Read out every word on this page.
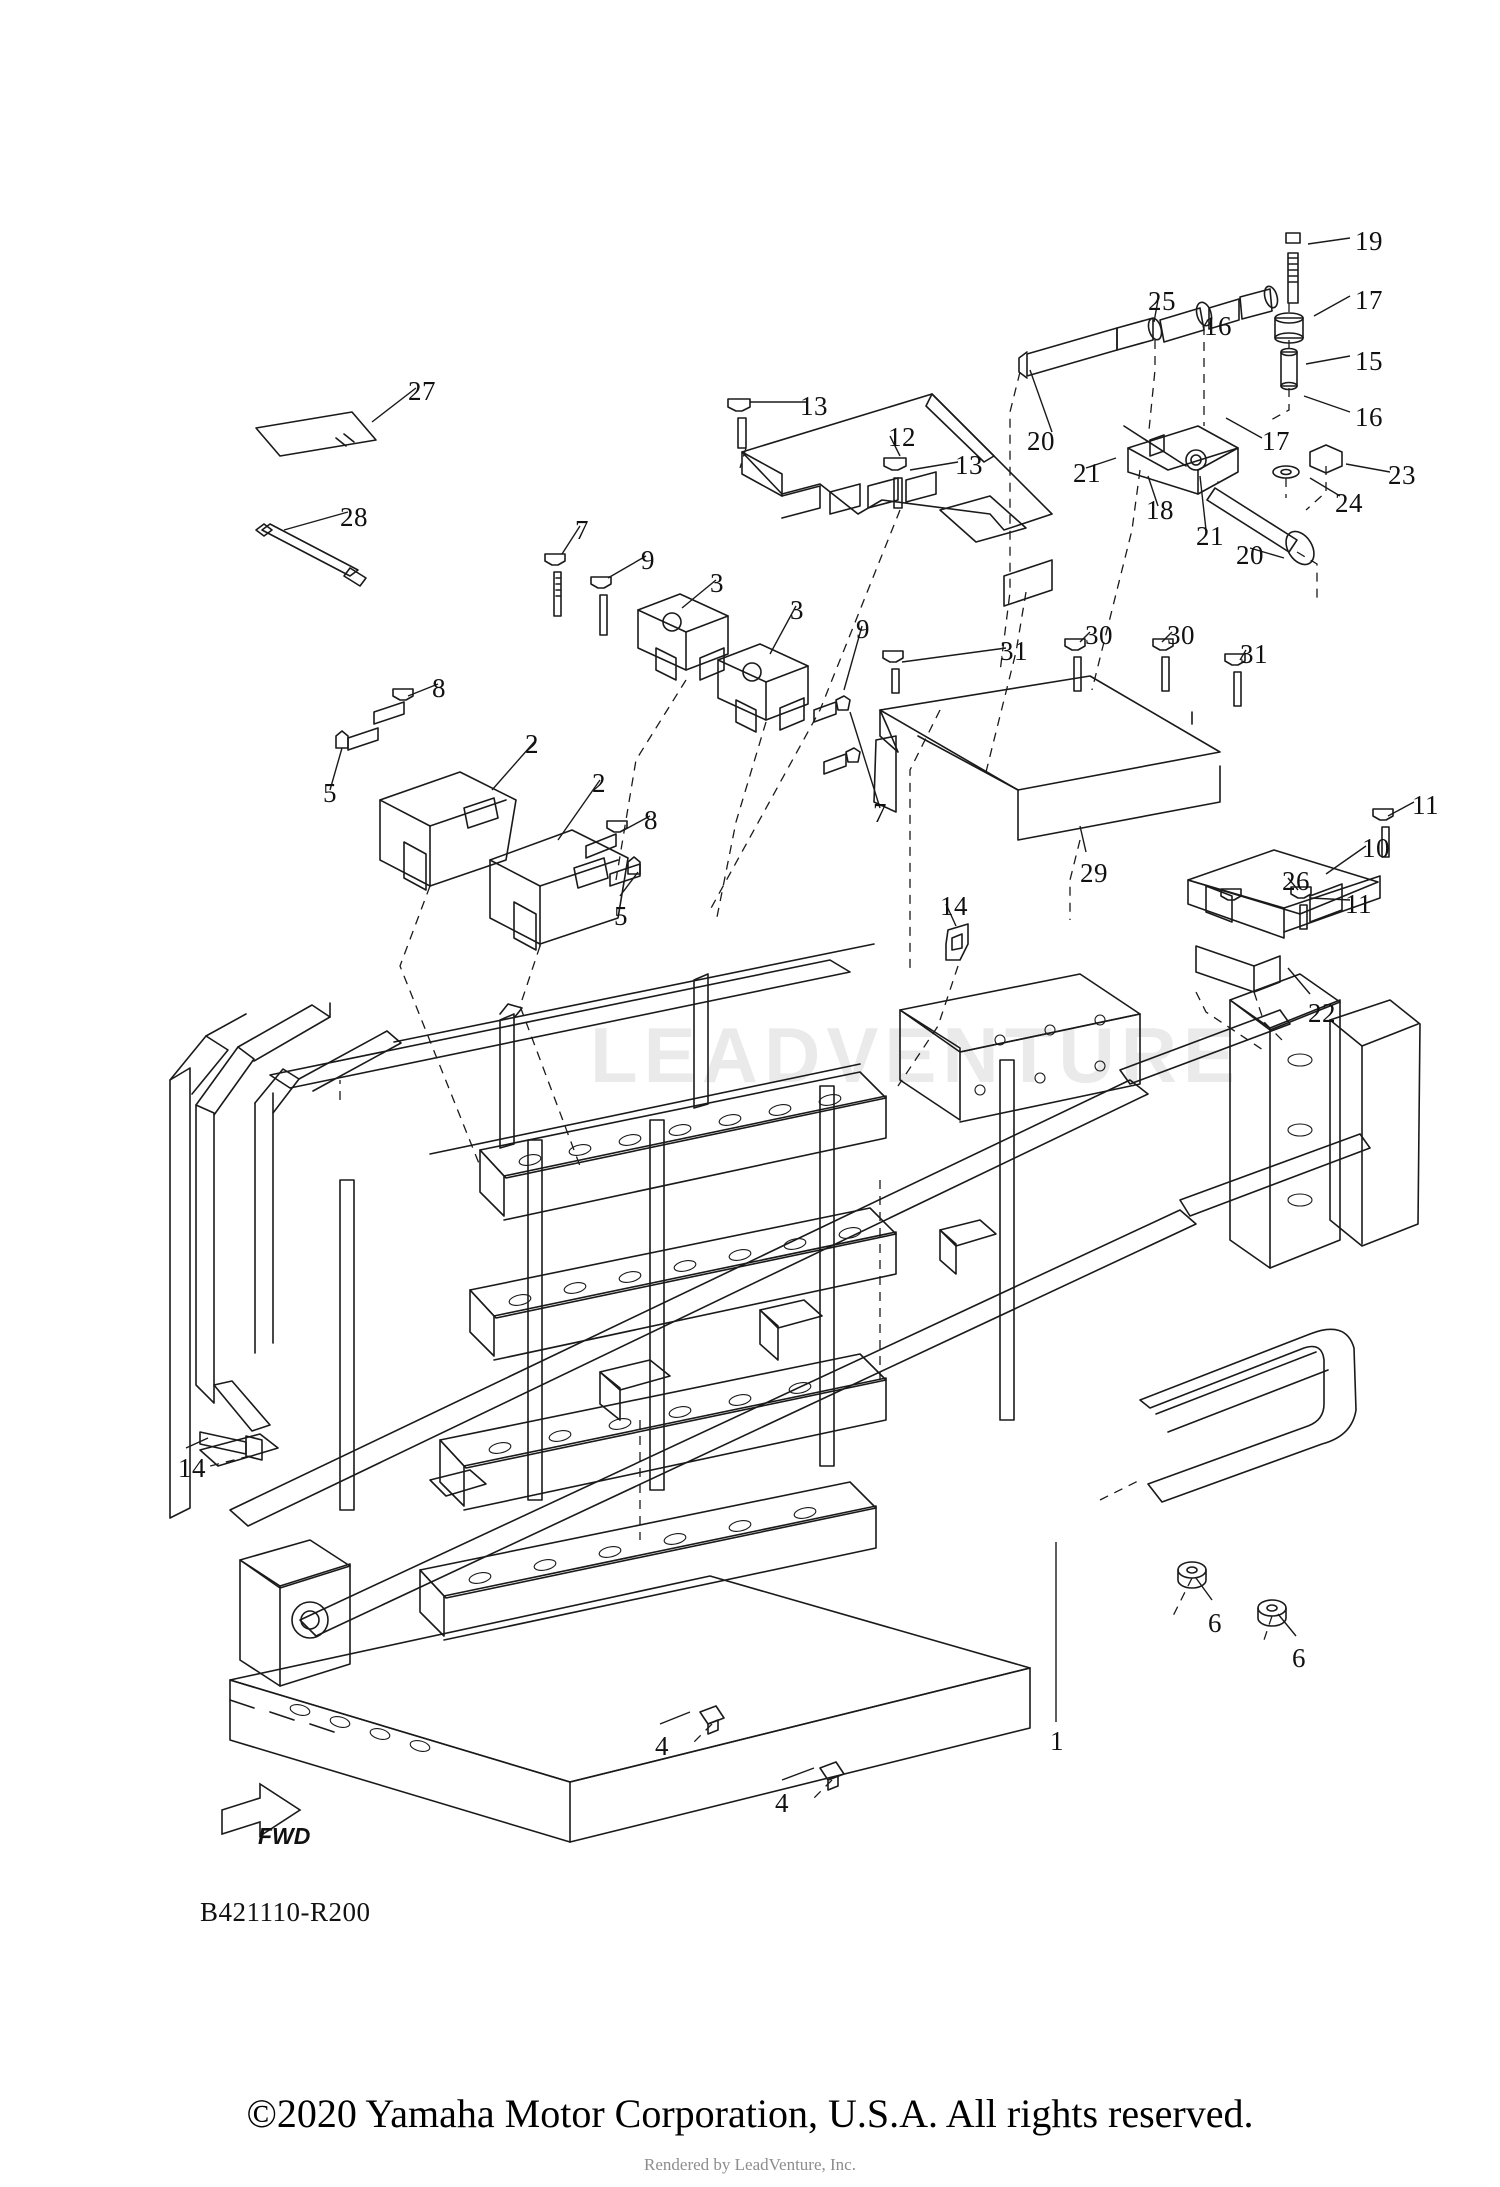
LEADVENTURE
19
17
25
16
15
16
20	17
13
12
13	21
18
21
24
23
20
27
28	7
9
3
3
9
31
30 30
31
8
2
5
7
2
8
5
29
11
10
26
11
22
14
14
6
6
1
4
4
FWD
B421110-R200
©2020 Yamaha Motor Corporation, U.S.A. All rights reserved.
Rendered by LeadVenture, Inc.
